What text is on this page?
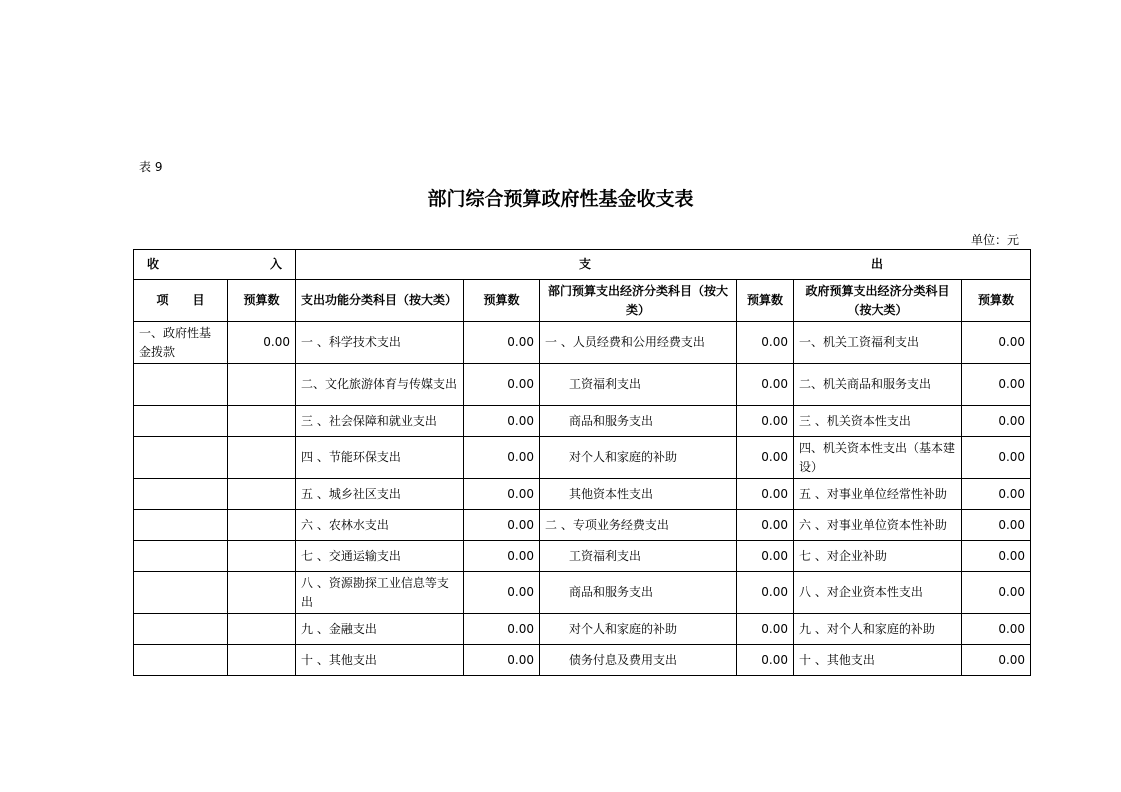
表 9
部门综合预算政府性基金收支表
单位：元
收 入		支 出					

项　　目	预算数	支出功能分类科目（按大类）	预算数	部门预算支出经济分类科目（按大类）	预算数	政府预算支出经济分类科目（按大类）	预算数
一、政府性基金拨款	0.00	一 、科学技术支出	0.00	一 、人员经费和公用经费支出	0.00	一、机关工资福利支出	0.00
		二、文化旅游体育与传媒支出	0.00	工资福利支出	0.00	二、机关商品和服务支出	0.00
		三 、社会保障和就业支出	0.00	商品和服务支出	0.00	三 、机关资本性支出	0.00
		四 、节能环保支出	0.00	对个人和家庭的补助	0.00	四、机关资本性支出（基本建设）	0.00
		五 、城乡社区支出	0.00	其他资本性支出	0.00	五 、对事业单位经常性补助	0.00
		六 、农林水支出	0.00	二 、专项业务经费支出	0.00	六 、对事业单位资本性补助	0.00
		七 、交通运输支出	0.00	工资福利支出	0.00	七 、对企业补助	0.00
		八 、资源勘探工业信息等支出	0.00	商品和服务支出	0.00	八 、对企业资本性支出	0.00
		九 、金融支出	0.00	对个人和家庭的补助	0.00	九 、对个人和家庭的补助	0.00
		十 、其他支出	0.00	债务付息及费用支出	0.00	十 、其他支出	0.00
